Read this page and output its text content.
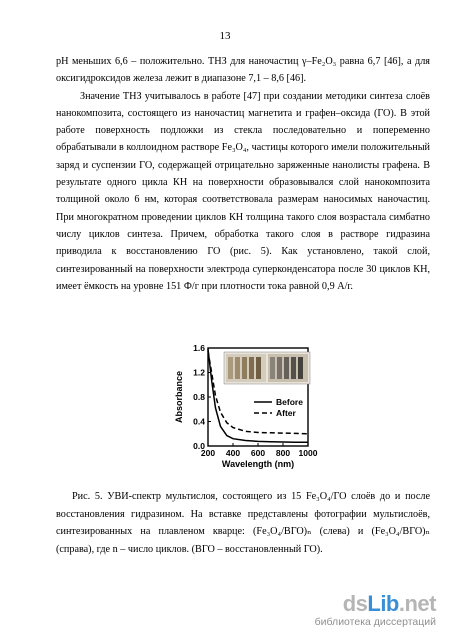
13

pH меньших 6,6 – положительно. ТНЗ для наночастиц γ–Fe₂O₃ равна 6,7 [46], а для оксигидроксидов железа лежит в диапазоне 7,1 – 8,6 [46].

Значение ТНЗ учитывалось в работе [47] при создании методики синтеза слоёв нанокомпозита, состоящего из наночастиц магнетита и графен–оксида (ГО). В этой работе поверхность подложки из стекла последовательно и попеременно обрабатывали в коллоидном растворе Fe₃O₄, частицы которого имели положительный заряд и суспензии ГО, содержащей отрицательно заряженные нанолисты графена. В результате одного цикла КН на поверхности образовывался слой нанокомпозита толщиной около 6 нм, которая соответствовала размерам наносимых наночастиц. При многократном проведении циклов КН толщина такого слоя возрастала симбатно числу циклов синтеза. Причем, обработка такого слоя в растворе гидразина приводила к восстановлению ГО (рис. 5). Как установлено, такой слой, синтезированный на поверхности электрода суперконденсатора после 30 циклов КН, имеет ёмкость на уровне 151 Ф/г при плотности тока равной 0,9 А/г.

0.0
0.4
0.8
1.2
1.6
200 400 600 800 1000
Wavelength (nm)
Absorbance	Before
After
Рис. 5. УВИ-спектр мультислоя, состоящего из 15 Fe₃O₄/ГО слоёв до и после восстановления гидразином. На вставке представлены фотографии мультислоёв, синтезированных на плавленом кварце: (Fe₃O₄/ВГО)ₙ (слева) и (Fe₃O₄/ВГО)ₙ (справа), где n – число циклов. (ВГО – восстановленный ГО).
dsLib.net
библиотека диссертаций
